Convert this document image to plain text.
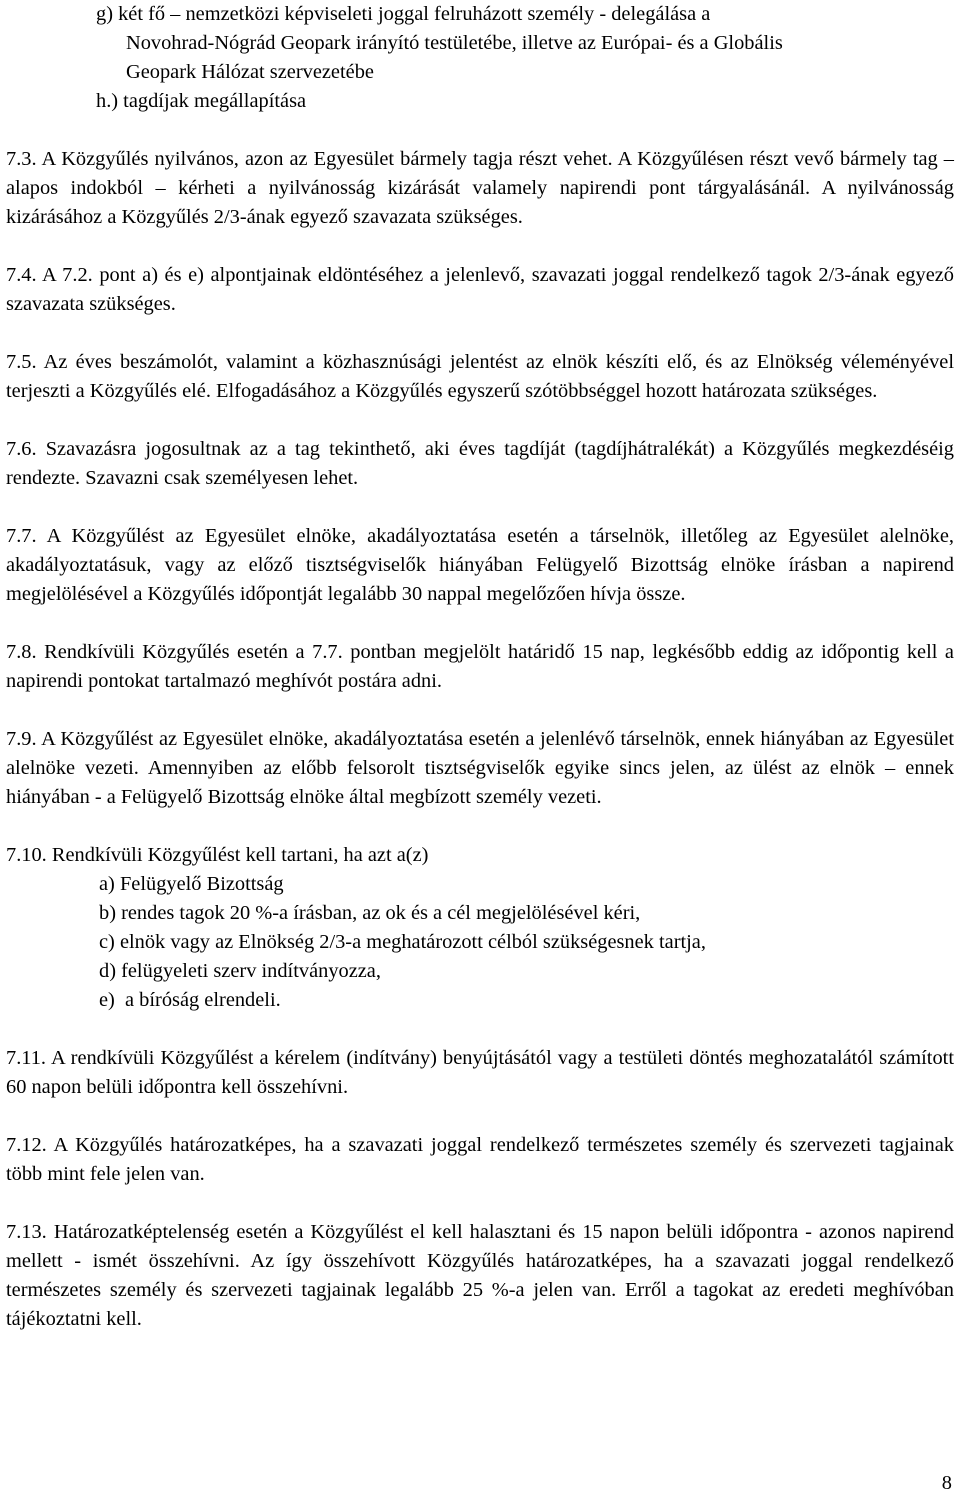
g) két fő – nemzetközi képviseleti joggal felruházott személy - delegálása a
Novohrad-Nógrád Geopark irányító testületébe, illetve az Európai- és a Globális
Geopark Hálózat szervezetébe
h.) tagdíjak megállapítása

7.3. A Közgyűlés nyilvános, azon az Egyesület bármely tagja részt vehet. A Közgyűlésen részt vevő bármely tag – alapos indokból – kérheti a nyilvánosság kizárását valamely napirendi pont tárgyalásánál. A nyilvánosság kizárásához a Közgyűlés 2/3-ának egyező szavazata szükséges.

7.4. A 7.2. pont a) és e) alpontjainak eldöntéséhez a jelenlevő, szavazati joggal rendelkező tagok 2/3-ának egyező szavazata szükséges.

7.5. Az éves beszámolót, valamint a közhasznúsági jelentést az elnök készíti elő, és az Elnökség véleményével terjeszti a Közgyűlés elé. Elfogadásához a Közgyűlés egyszerű szótöbbséggel hozott határozata szükséges.

7.6. Szavazásra jogosultnak az a tag tekinthető, aki éves tagdíját (tagdíjhátralékát) a Közgyűlés megkezdéséig rendezte. Szavazni csak személyesen lehet.

7.7. A Közgyűlést az Egyesület elnöke, akadályoztatása esetén a társelnök, illetőleg az Egyesület alelnöke, akadályoztatásuk, vagy az előző tisztségviselők hiányában Felügyelő Bizottság elnöke írásban a napirend megjelölésével a Közgyűlés időpontját legalább 30 nappal megelőzően hívja össze.

7.8. Rendkívüli Közgyűlés esetén a 7.7. pontban megjelölt határidő 15 nap, legkésőbb eddig az időpontig kell a napirendi pontokat tartalmazó meghívót postára adni.

7.9. A Közgyűlést az Egyesület elnöke, akadályoztatása esetén a jelenlévő társelnök, ennek hiányában az Egyesület alelnöke vezeti. Amennyiben az előbb felsorolt tisztségviselők egyike sincs jelen, az ülést az elnök – ennek hiányában - a Felügyelő Bizottság elnöke által megbízott személy vezeti.

7.10. Rendkívüli Közgyűlést kell tartani, ha azt a(z)

a) Felügyelő Bizottság
b) rendes tagok 20 %-a írásban, az ok és a cél megjelölésével kéri,
c) elnök vagy az Elnökség 2/3-a meghatározott célból szükségesnek tartja,
d) felügyeleti szerv indítványozza,
e)  a bíróság elrendeli.

7.11. A rendkívüli Közgyűlést a kérelem (indítvány) benyújtásától vagy a testületi döntés meghozatalától számított 60 napon belüli időpontra kell összehívni.

7.12. A Közgyűlés határozatképes, ha a szavazati joggal rendelkező természetes személy és szervezeti tagjainak több mint fele jelen van.

7.13. Határozatképtelenség esetén a Közgyűlést el kell halasztani és 15 napon belüli időpontra - azonos napirend mellett - ismét összehívni. Az így összehívott Közgyűlés határozatképes, ha a szavazati joggal rendelkező természetes személy és szervezeti tagjainak legalább 25 %-a jelen van. Erről a tagokat az eredeti meghívóban tájékoztatni kell.

8
